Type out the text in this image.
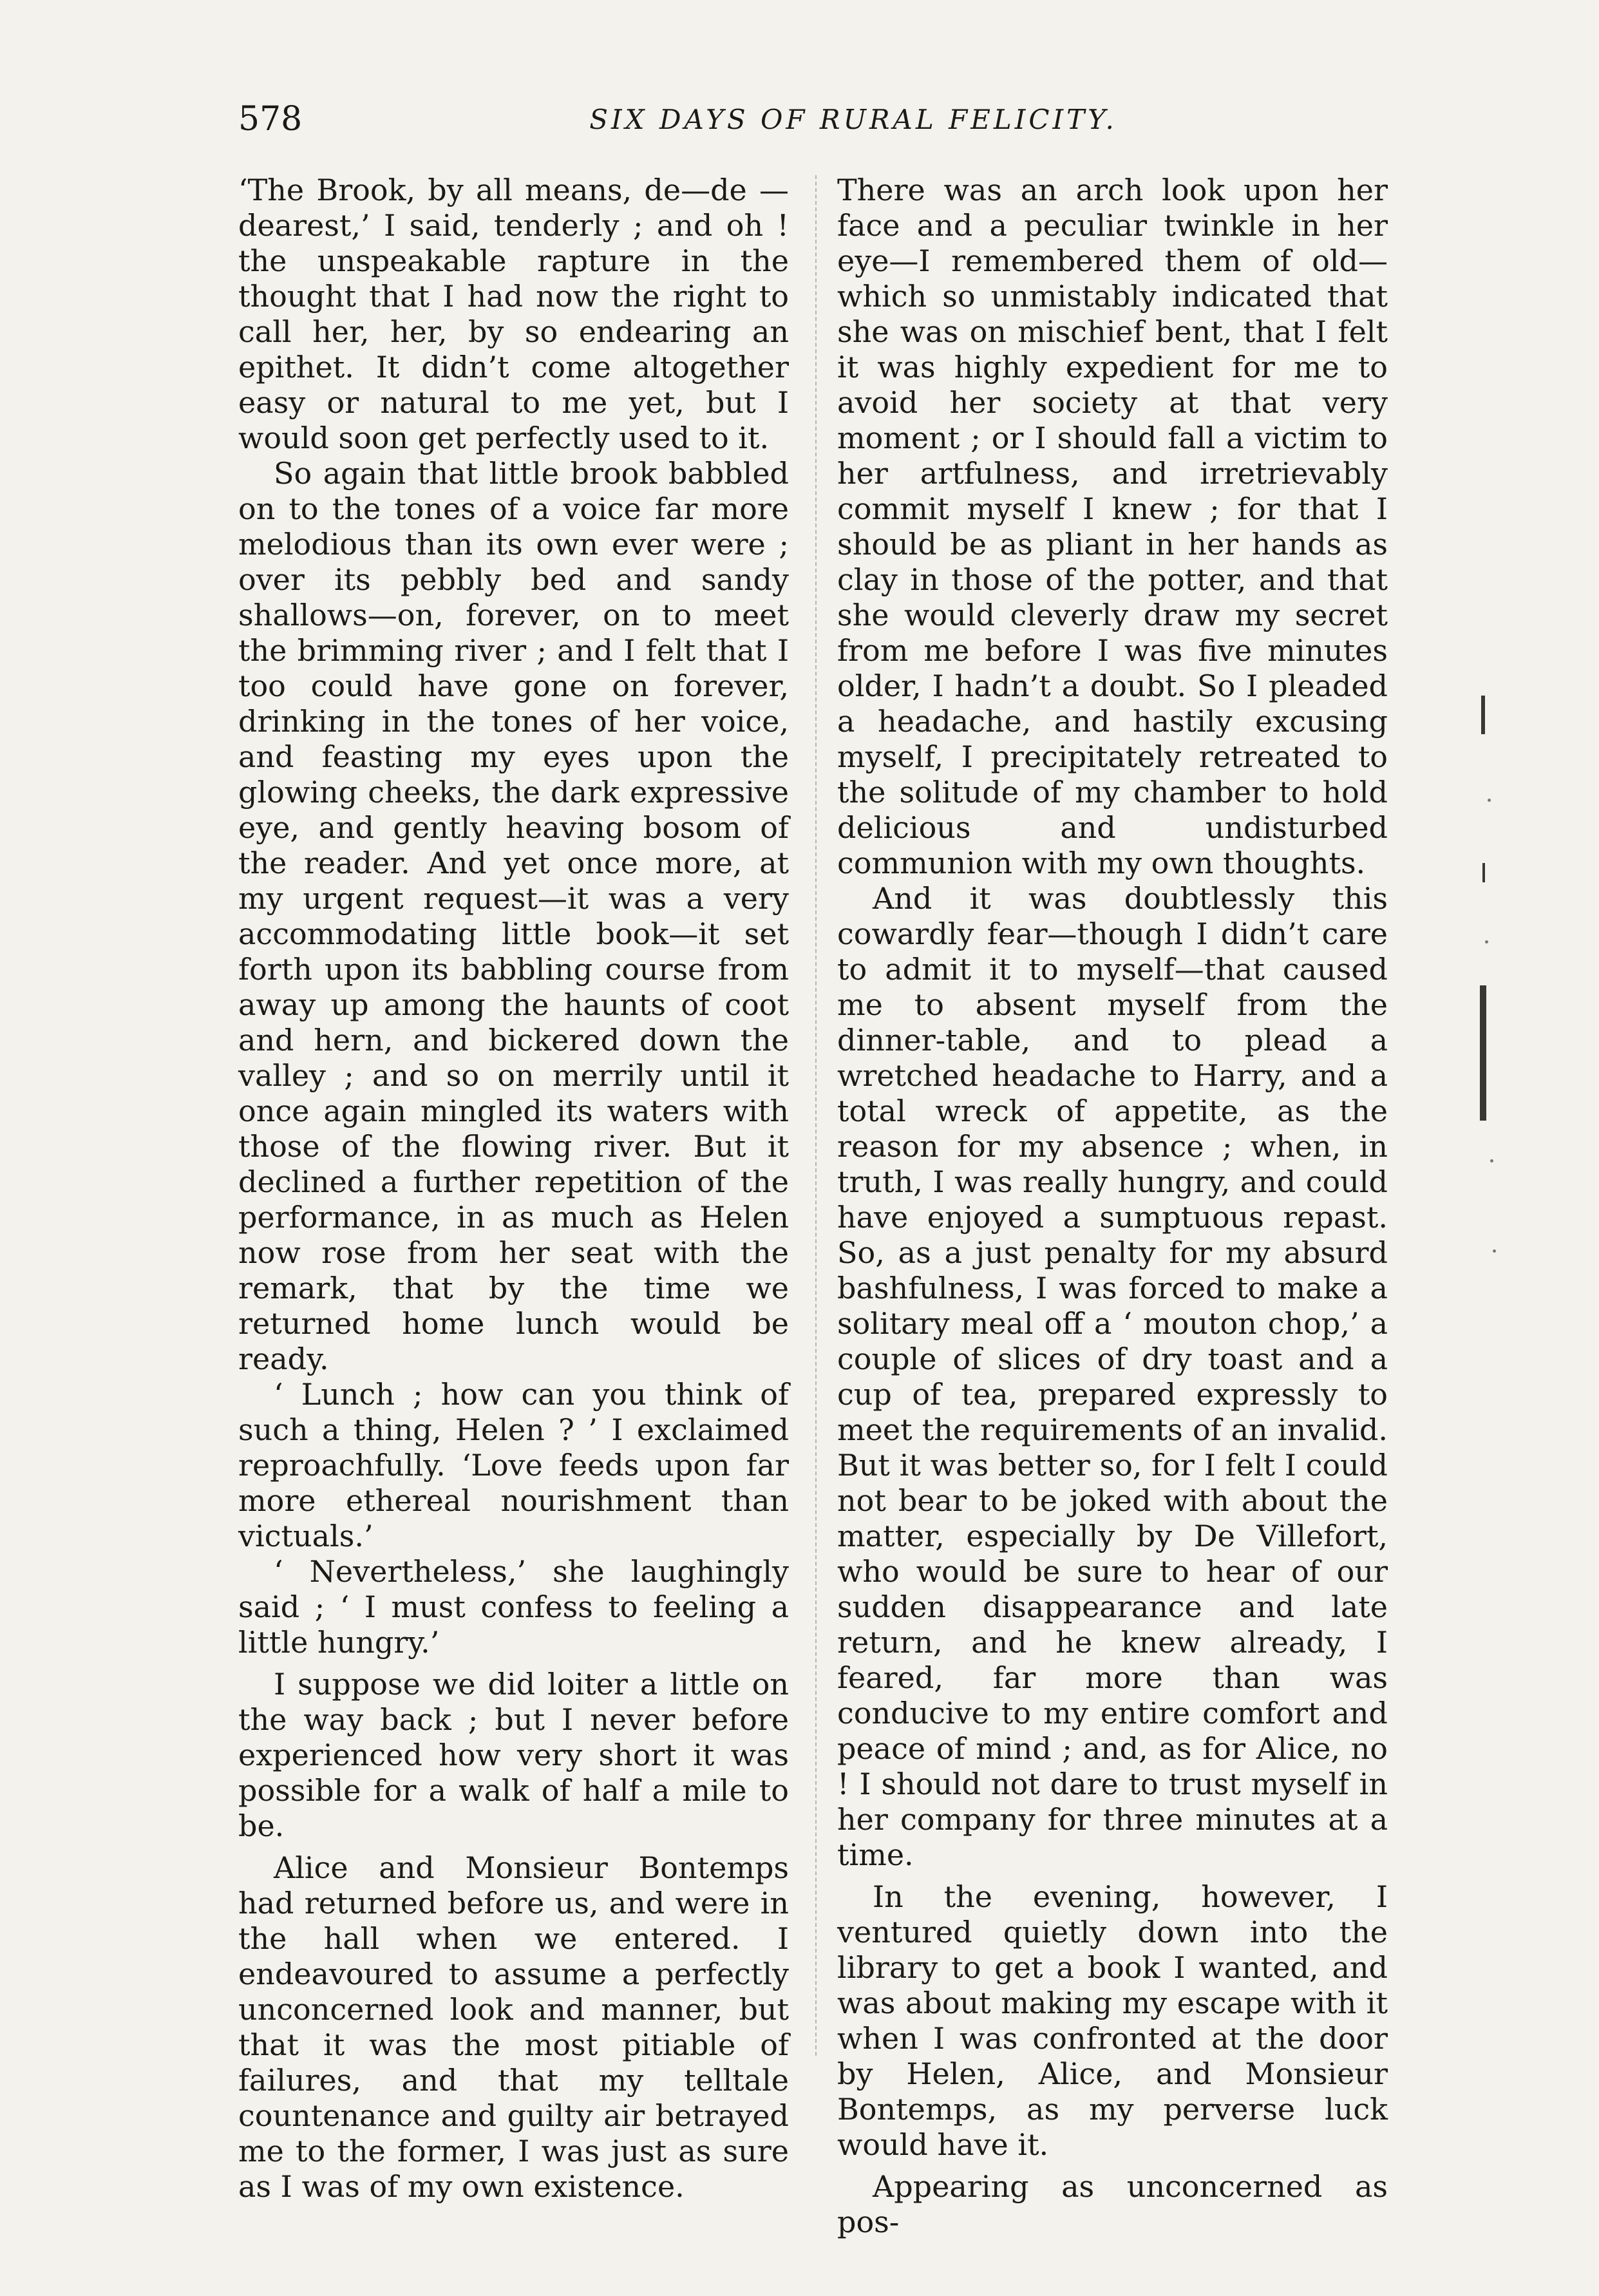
578	SIX DAYS OF RURAL FELICITY.

‘The Brook, by all means, de—de —dearest,’ I said, tenderly ; and oh ! the unspeakable rapture in the thought that I had now the right to call her, her, by so endearing an epithet. It didn’t come altogether easy or natural to me yet, but I would soon get perfectly used to it.

So again that little brook babbled on to the tones of a voice far more melodious than its own ever were ; over its pebbly bed and sandy shallows—on, forever, on to meet the brimming river ; and I felt that I too could have gone on forever, drinking in the tones of her voice, and feasting my eyes upon the glowing cheeks, the dark expressive eye, and gently heaving bosom of the reader. And yet once more, at my urgent request—it was a very accommodating little book—it set forth upon its babbling course from away up among the haunts of coot and hern, and bickered down the valley ; and so on merrily until it once again mingled its waters with those of the flowing river. But it declined a further repetition of the performance, in as much as Helen now rose from her seat with the remark, that by the time we returned home lunch would be ready.

‘ Lunch ; how can you think of such a thing, Helen ? ’ I exclaimed reproachfully. ‘Love feeds upon far more ethereal nourishment than victuals.’

‘ Nevertheless,’ she laughingly said ; ‘ I must confess to feeling a little hungry.’

I suppose we did loiter a little on the way back ; but I never before experienced how very short it was possible for a walk of half a mile to be.

Alice and Monsieur Bontemps had returned before us, and were in the hall when we entered. I endeavoured to assume a perfectly unconcerned look and manner, but that it was the most pitiable of failures, and that my telltale countenance and guilty air betrayed me to the former, I was just as sure as I was of my own existence.

There was an arch look upon her face and a peculiar twinkle in her eye—I remembered them of old—which so unmistably indicated that she was on mischief bent, that I felt it was highly expedient for me to avoid her society at that very moment ; or I should fall a victim to her artfulness, and irretrievably commit myself I knew ; for that I should be as pliant in her hands as clay in those of the potter, and that she would cleverly draw my secret from me before I was five minutes older, I hadn’t a doubt. So I pleaded a headache, and hastily excusing myself, I precipitately retreated to the solitude of my chamber to hold delicious and undisturbed communion with my own thoughts.

And it was doubtlessly this cowardly fear—though I didn’t care to admit it to myself—that caused me to absent myself from the dinner-table, and to plead a wretched headache to Harry, and a total wreck of appetite, as the reason for my absence ; when, in truth, I was really hungry, and could have enjoyed a sumptuous repast. So, as a just penalty for my absurd bashfulness, I was forced to make a solitary meal off a ‘ mouton chop,’ a couple of slices of dry toast and a cup of tea, prepared expressly to meet the requirements of an invalid. But it was better so, for I felt I could not bear to be joked with about the matter, especially by De Villefort, who would be sure to hear of our sudden disappearance and late return, and he knew already, I feared, far more than was conducive to my entire comfort and peace of mind ; and, as for Alice, no ! I should not dare to trust myself in her company for three minutes at a time.

In the evening, however, I ventured quietly down into the library to get a book I wanted, and was about making my escape with it when I was confronted at the door by Helen, Alice, and Monsieur Bontemps, as my perverse luck would have it.

Appearing as unconcerned as pos-
